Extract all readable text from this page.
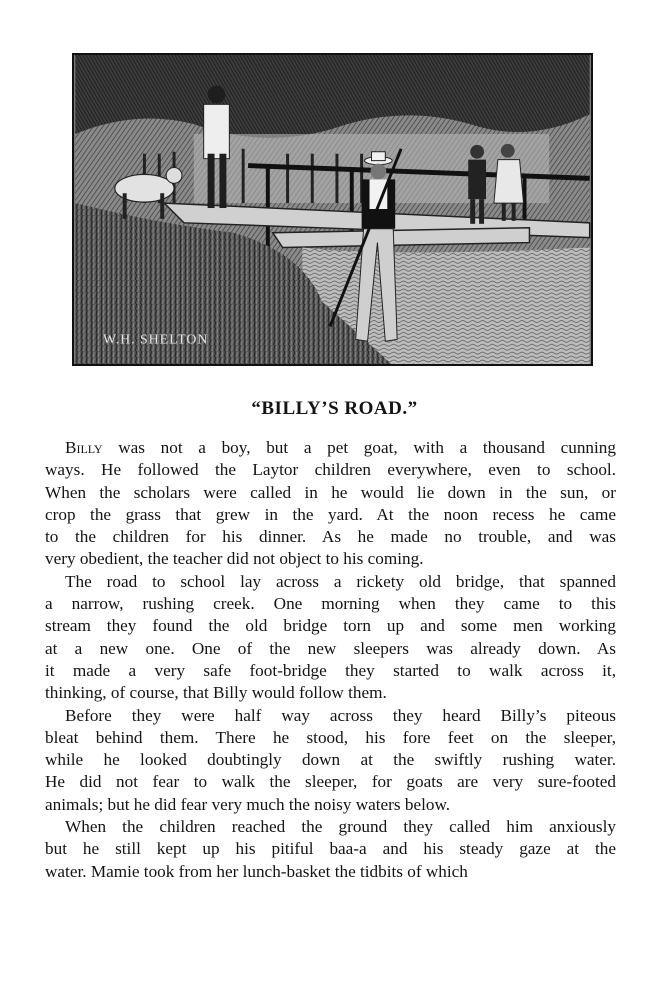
W.H. SHELTON
“BILLY’S ROAD.”
Billy was not a boy, but a pet goat, with a thousand cunning
ways. He followed the Laytor children everywhere, even to school.
When the scholars were called in he would lie down in the sun, or
crop the grass that grew in the yard. At the noon recess he came
to the children for his dinner. As he made no trouble, and was
very obedient, the teacher did not object to his coming.
The road to school lay across a rickety old bridge, that spanned
a narrow, rushing creek. One morning when they came to this
stream they found the old bridge torn up and some men working
at a new one. One of the new sleepers was already down. As
it made a very safe foot-bridge they started to walk across it,
thinking, of course, that Billy would follow them.
Before they were half way across they heard Billy’s piteous
bleat behind them. There he stood, his fore feet on the sleeper,
while he looked doubtingly down at the swiftly rushing water.
He did not fear to walk the sleeper, for goats are very sure-footed
animals; but he did fear very much the noisy waters below.
When the children reached the ground they called him anxiously
but he still kept up his pitiful baa-a and his steady gaze at the
water. Mamie took from her lunch-basket the tidbits of which
